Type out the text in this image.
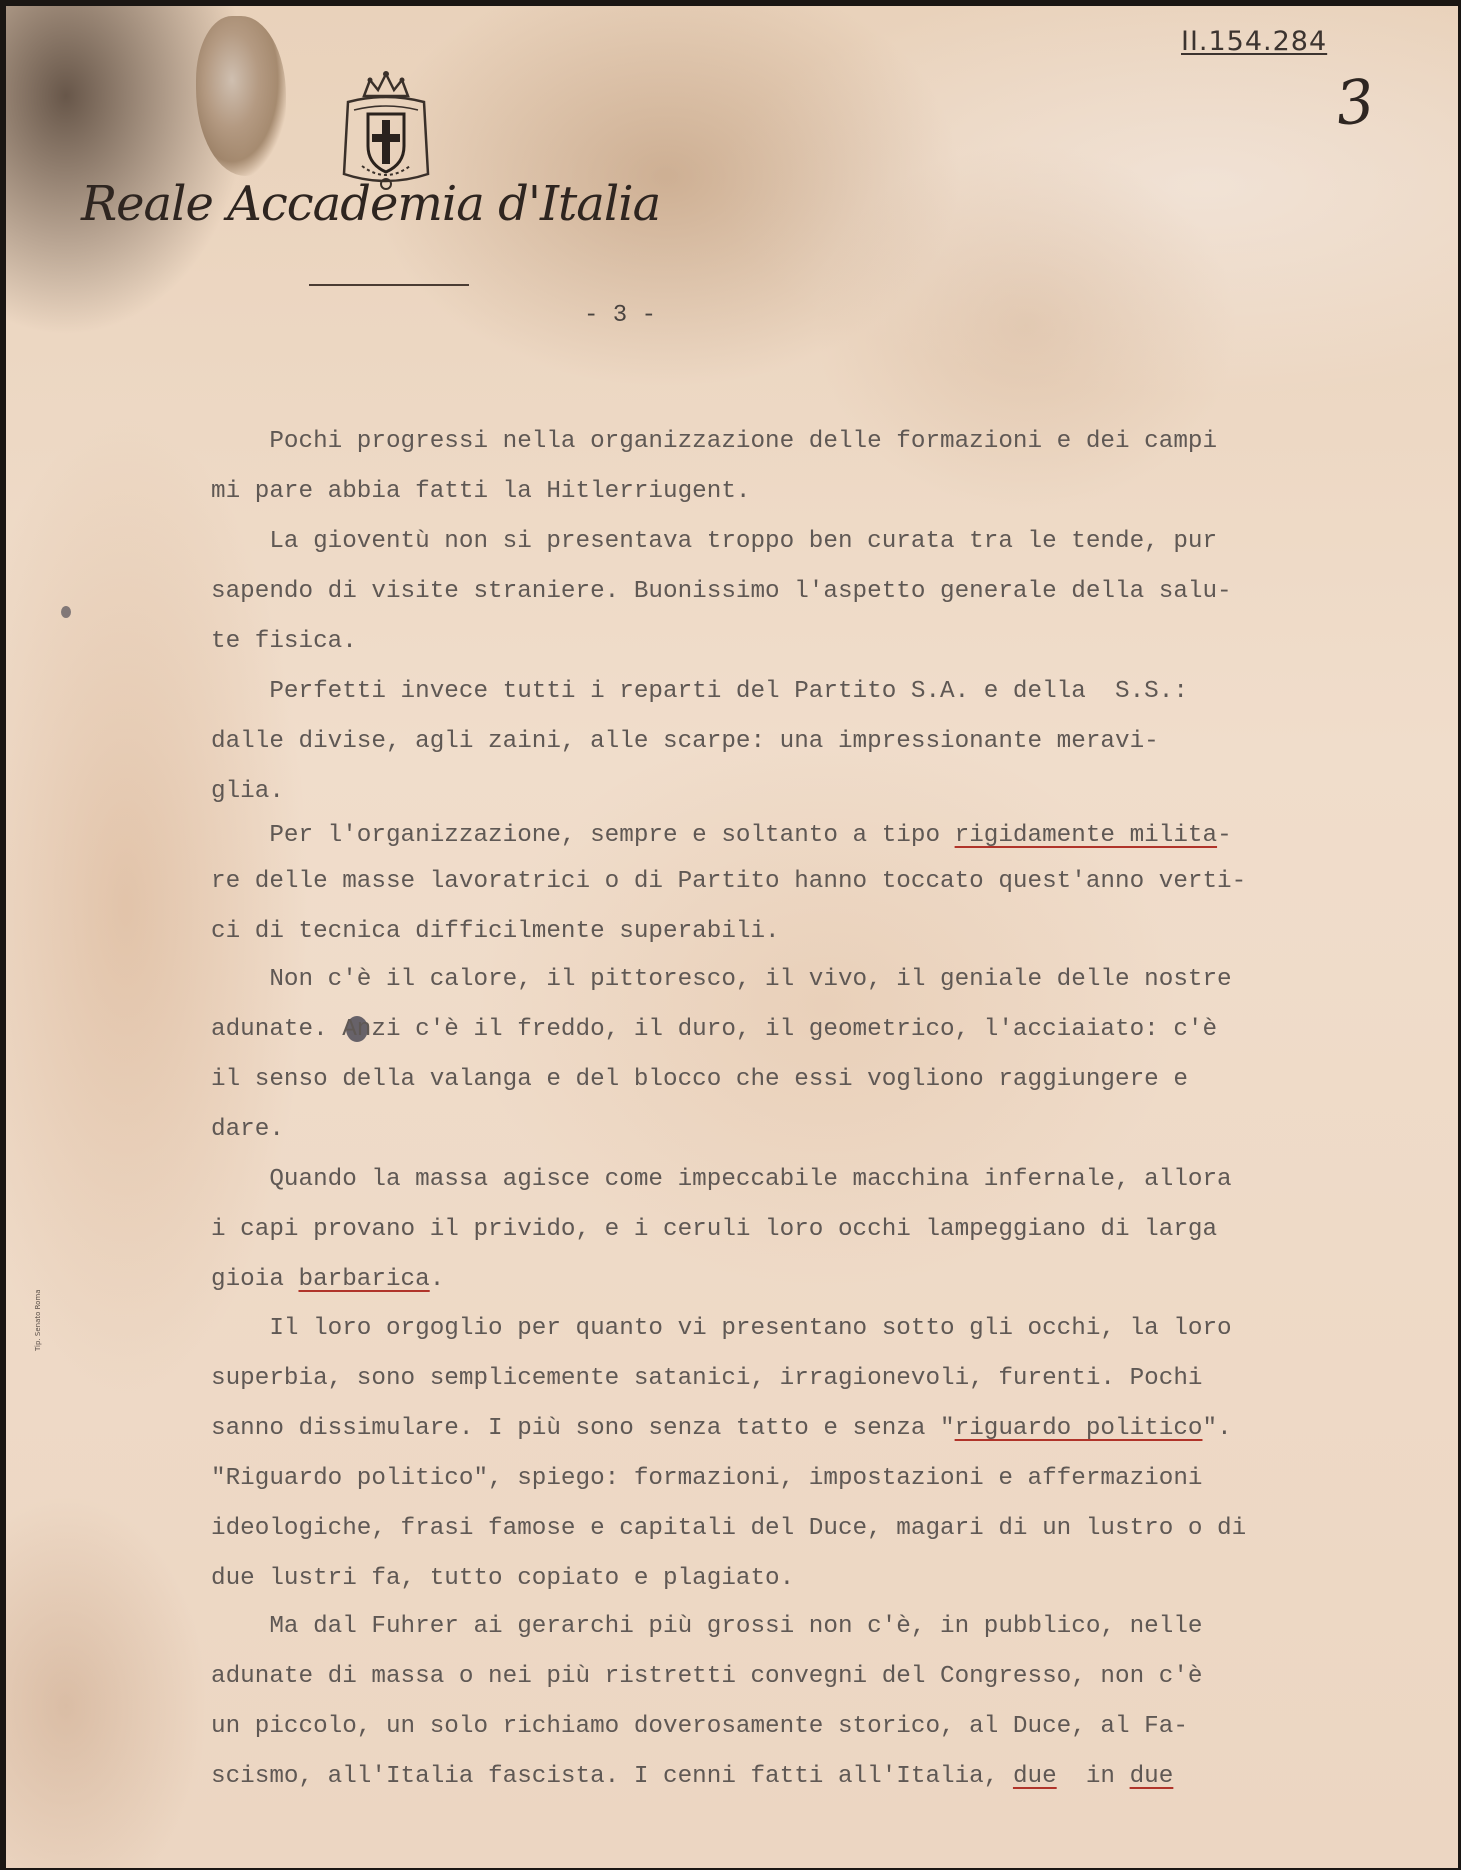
Reale Accademia d'Italia
II.154.284
3
- 3 -
Tip. Senato Roma
Pochi progressi nella organizzazione delle formazioni e dei campi
mi pare abbia fatti la Hitlerriugent.
La gioventù non si presentava troppo ben curata tra le tende, pur
sapendo di visite straniere. Buonissimo l'aspetto generale della salu-
te fisica.
Perfetti invece tutti i reparti del Partito S.A. e della  S.S.:
dalle divise, agli zaini, alle scarpe: una impressionante meravi-
glia.
Per l'organizzazione, sempre e soltanto a tipo rigidamente milita-
re delle masse lavoratrici o di Partito hanno toccato quest'anno verti-
ci di tecnica difficilmente superabili.
Non c'è il calore, il pittoresco, il vivo, il geniale delle nostre
adunate. Anzi c'è il freddo, il duro, il geometrico, l'acciaiato: c'è
il senso della valanga e del blocco che essi vogliono raggiungere e
dare.
Quando la massa agisce come impeccabile macchina infernale, allora
i capi provano il privido, e i ceruli loro occhi lampeggiano di larga
gioia barbarica.
Il loro orgoglio per quanto vi presentano sotto gli occhi, la loro
superbia, sono semplicemente satanici, irragionevoli, furenti. Pochi
sanno dissimulare. I più sono senza tatto e senza "riguardo politico".
"Riguardo politico", spiego: formazioni, impostazioni e affermazioni
ideologiche, frasi famose e capitali del Duce, magari di un lustro o di
due lustri fa, tutto copiato e plagiato.
Ma dal Fuhrer ai gerarchi più grossi non c'è, in pubblico, nelle
adunate di massa o nei più ristretti convegni del Congresso, non c'è
un piccolo, un solo richiamo doverosamente storico, al Duce, al Fa-
scismo, all'Italia fascista. I cenni fatti all'Italia, due  in due
